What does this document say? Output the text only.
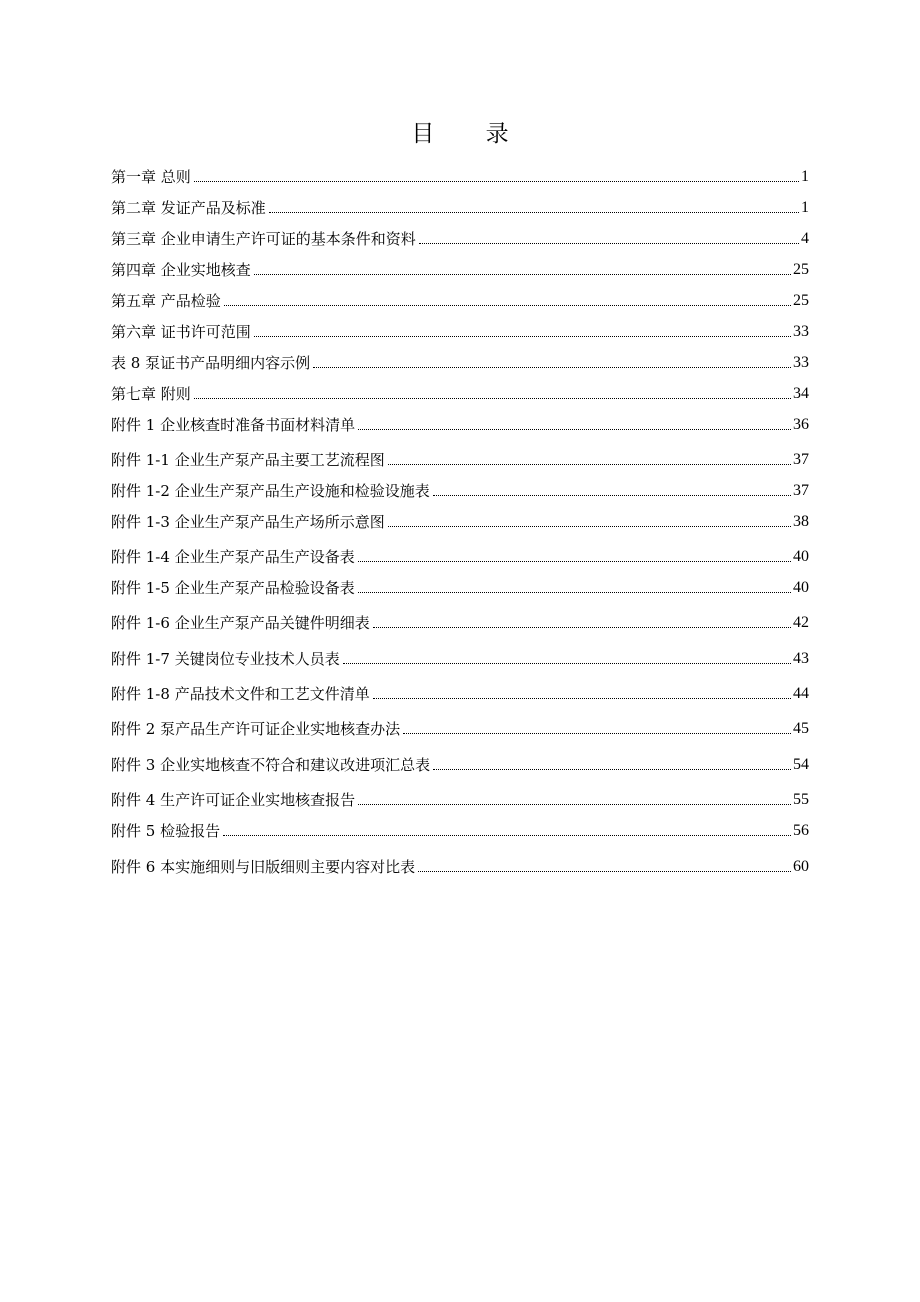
目 录
第一章 总则	1
第二章 发证产品及标准	1
第三章 企业申请生产许可证的基本条件和资料	4
第四章 企业实地核查	25
第五章 产品检验	25
第六章 证书许可范围	33
表 8 泵证书产品明细内容示例	33
第七章 附则	34
附件 1 企业核查时准备书面材料清单	36
附件 1-1 企业生产泵产品主要工艺流程图	37
附件 1-2 企业生产泵产品生产设施和检验设施表	37
附件 1-3 企业生产泵产品生产场所示意图	38
附件 1-4 企业生产泵产品生产设备表	40
附件 1-5 企业生产泵产品检验设备表	40
附件 1-6 企业生产泵产品关键件明细表	42
附件 1-7 关键岗位专业技术人员表	43
附件 1-8 产品技术文件和工艺文件清单	44
附件 2 泵产品生产许可证企业实地核查办法	45
附件 3 企业实地核查不符合和建议改进项汇总表	54
附件 4 生产许可证企业实地核查报告	55
附件 5 检验报告	56
附件 6 本实施细则与旧版细则主要内容对比表	60
